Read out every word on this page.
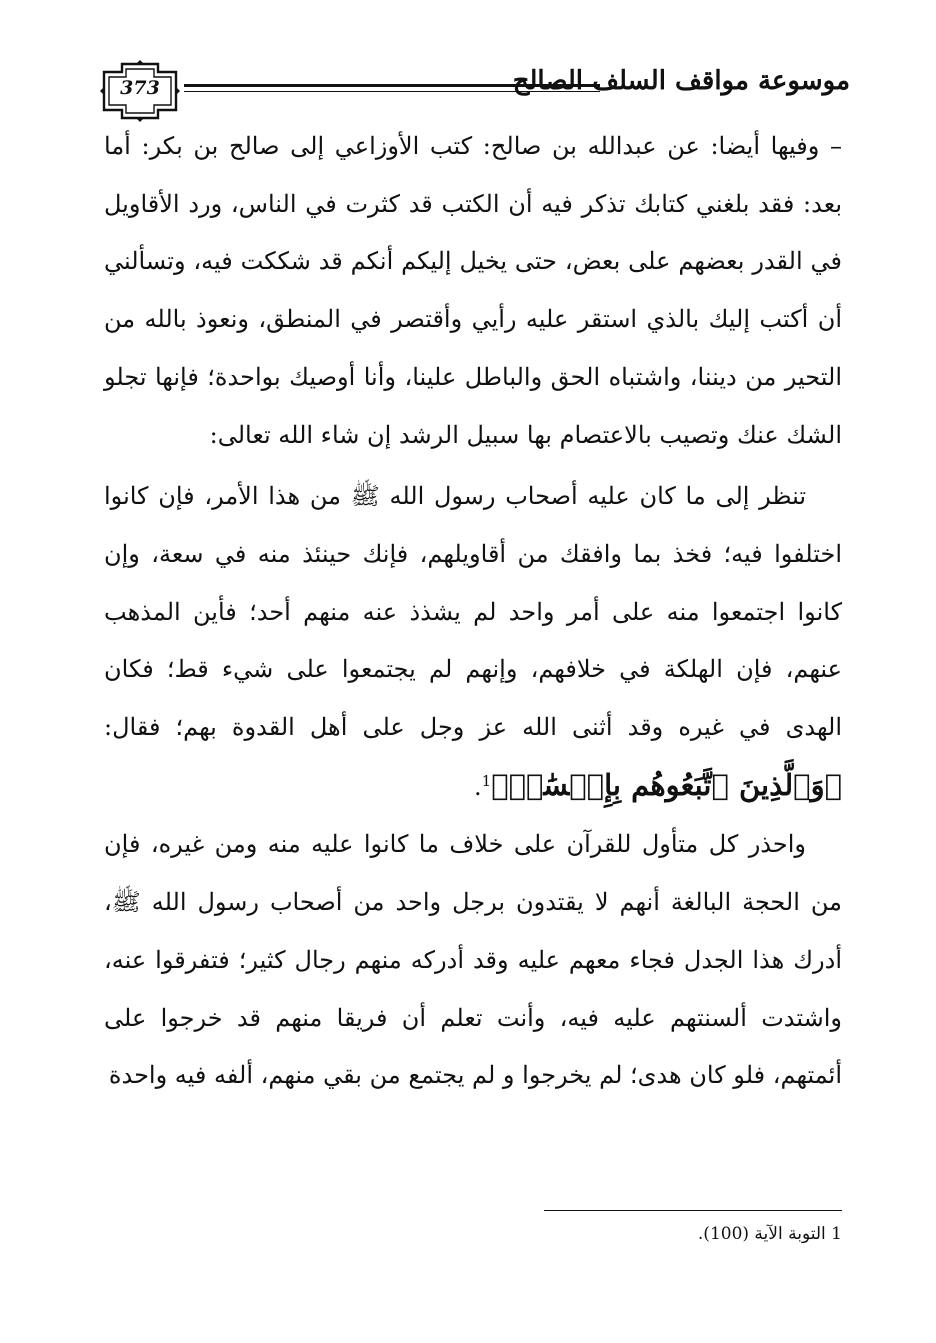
373	موسوعة مواقف السلف الصالح

– وفيها أيضا: عن عبدالله بن صالح: كتب الأوزاعي إلى صالح بن بكر: أما بعد: فقد بلغني كتابك تذكر فيه أن الكتب قد كثرت في الناس، ورد الأقاويل في القدر بعضهم على بعض، حتى يخيل إليكم أنكم قد شككت فيه، وتسألني أن أكتب إليك بالذي استقر عليه رأيي وأقتصر في المنطق، ونعوذ بالله من التحير من ديننا، واشتباه الحق والباطل علينا، وأنا أوصيك بواحدة؛ فإنها تجلو الشك عنك وتصيب بالاعتصام بها سبيل الرشد إن شاء الله تعالى:

تنظر إلى ما كان عليه أصحاب رسول الله ﷺ من هذا الأمر، فإن كانوا اختلفوا فيه؛ فخذ بما وافقك من أقاويلهم، فإنك حينئذ منه في سعة، وإن كانوا اجتمعوا منه على أمر واحد لم يشذذ عنه منهم أحد؛ فأين المذهب عنهم، فإن الهلكة في خلافهم، وإنهم لم يجتمعوا على شيء قط؛ فكان الهدى في غيره وقد أثنى الله عز وجل على أهل القدوة بهم؛ فقال: ﴿وَٱلَّذِينَ ٱتَّبَعُوهُم بِإِحۡسَٰنٖ﴾$^1$.

واحذر كل متأول للقرآن على خلاف ما كانوا عليه منه ومن غيره، فإن من الحجة البالغة أنهم لا يقتدون برجل واحد من أصحاب رسول الله ﷺ، أدرك هذا الجدل فجاء معهم عليه وقد أدركه منهم رجال كثير؛ فتفرقوا عنه، واشتدت ألسنتهم عليه فيه، وأنت تعلم أن فريقا منهم قد خرجوا على أئمتهم، فلو كان هدى؛ لم يخرجوا و لم يجتمع من بقي منهم، ألفه فيه واحدة

1 التوبة الآية (100).
